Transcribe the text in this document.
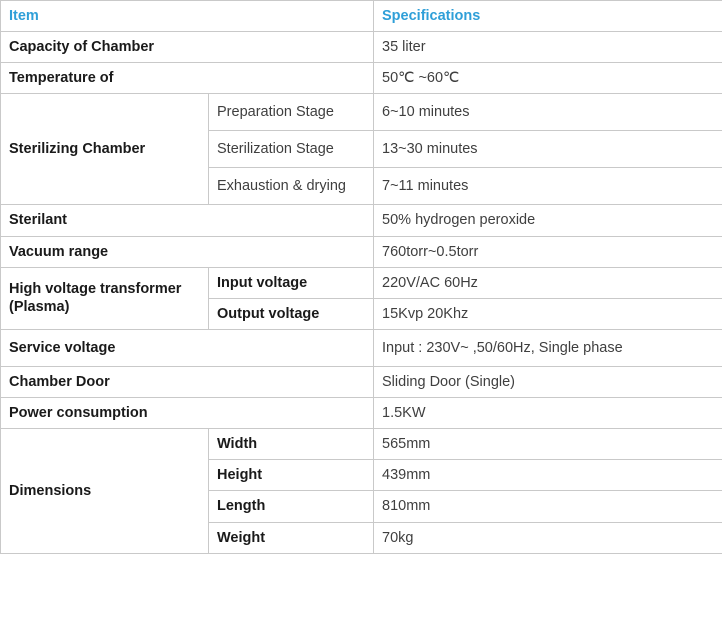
Item		Specifications
Capacity of Chamber		35 liter
Temperature of		50℃ ~60℃
Sterilizing Chamber	Preparation Stage	6~10 minutes
	Sterilization Stage	13~30 minutes
	Exhaustion & drying	7~11 minutes
Sterilant		50% hydrogen peroxide
Vacuum range		760torr~0.5torr
High voltage transformer (Plasma)	Input voltage	220V/AC 60Hz
	Output voltage	15Kvp 20Khz
Service voltage		Input : 230V~ ,50/60Hz, Single phase
Chamber Door		Sliding Door (Single)
Power consumption		1.5KW
Dimensions	Width	565mm
	Height	439mm
	Length	810mm
	Weight	70kg
